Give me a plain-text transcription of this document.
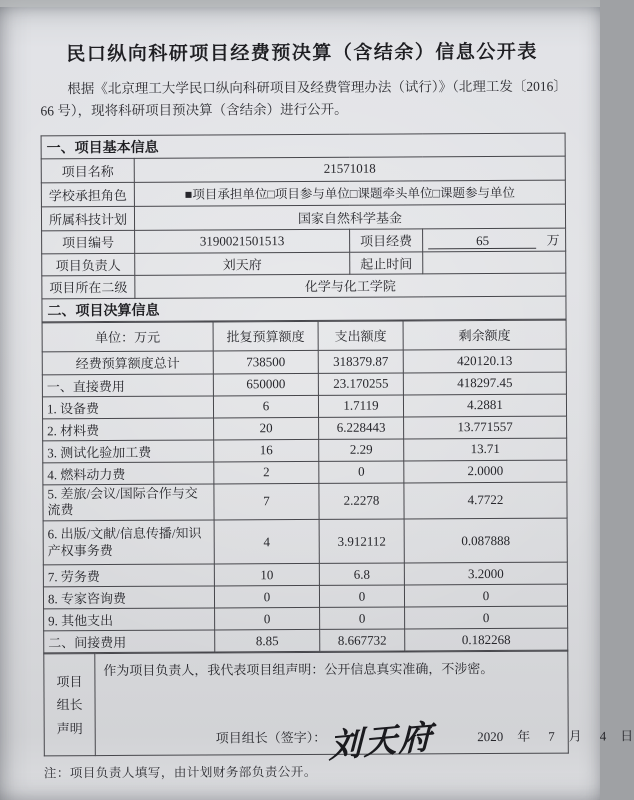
民口纵向科研项目经费预决算（含结余）信息公开表

根据《北京理工大学民口纵向科研项目及经费管理办法（试行）》（北理工发〔2016〕66 号），现将科研项目预决算（含结余）进行公开。

一、项目基本信息			
项目名称	21571018		
学校承担角色	■项目承担单位□项目参与单位□课题牵头单位□课题参与单位		
所属科技计划	国家自然科学基金		
项目编号	3190021501513	项目经费	65 万
项目负责人	刘天府	起止时间	
项目所在二级	化学与化工学院		
二、项目决算信息			
单位：万元	批复预算额度	支出额度	剩余额度
经费预算额度总计	738500	318379.87	420120.13
一、直接费用	650000	23.170255	418297.45
1. 设备费	6	1.7119	4.2881
2. 材料费	20	6.228443	13.771557
3. 测试化验加工费	16	2.29	13.71
4. 燃料动力费	2	0	2.0000
5. 差旅/会议/国际合作与交流费	7	2.2278	4.7722
6. 出版/文献/信息传播/知识产权事务费	4	3.912112	0.087888
7. 劳务费	10	6.8	3.2000
8. 专家咨询费	0	0	0
9. 其他支出	0	0	0
二、间接费用	8.85	8.667732	0.182268
项目
组长
声明

作为项目负责人，我代表项目组声明：公开信息真实准确，不涉密。
项目组长（签字）： 刘天府	2020 年 7 月 4 日
注：项目负责人填写，由计划财务部负责公开。
